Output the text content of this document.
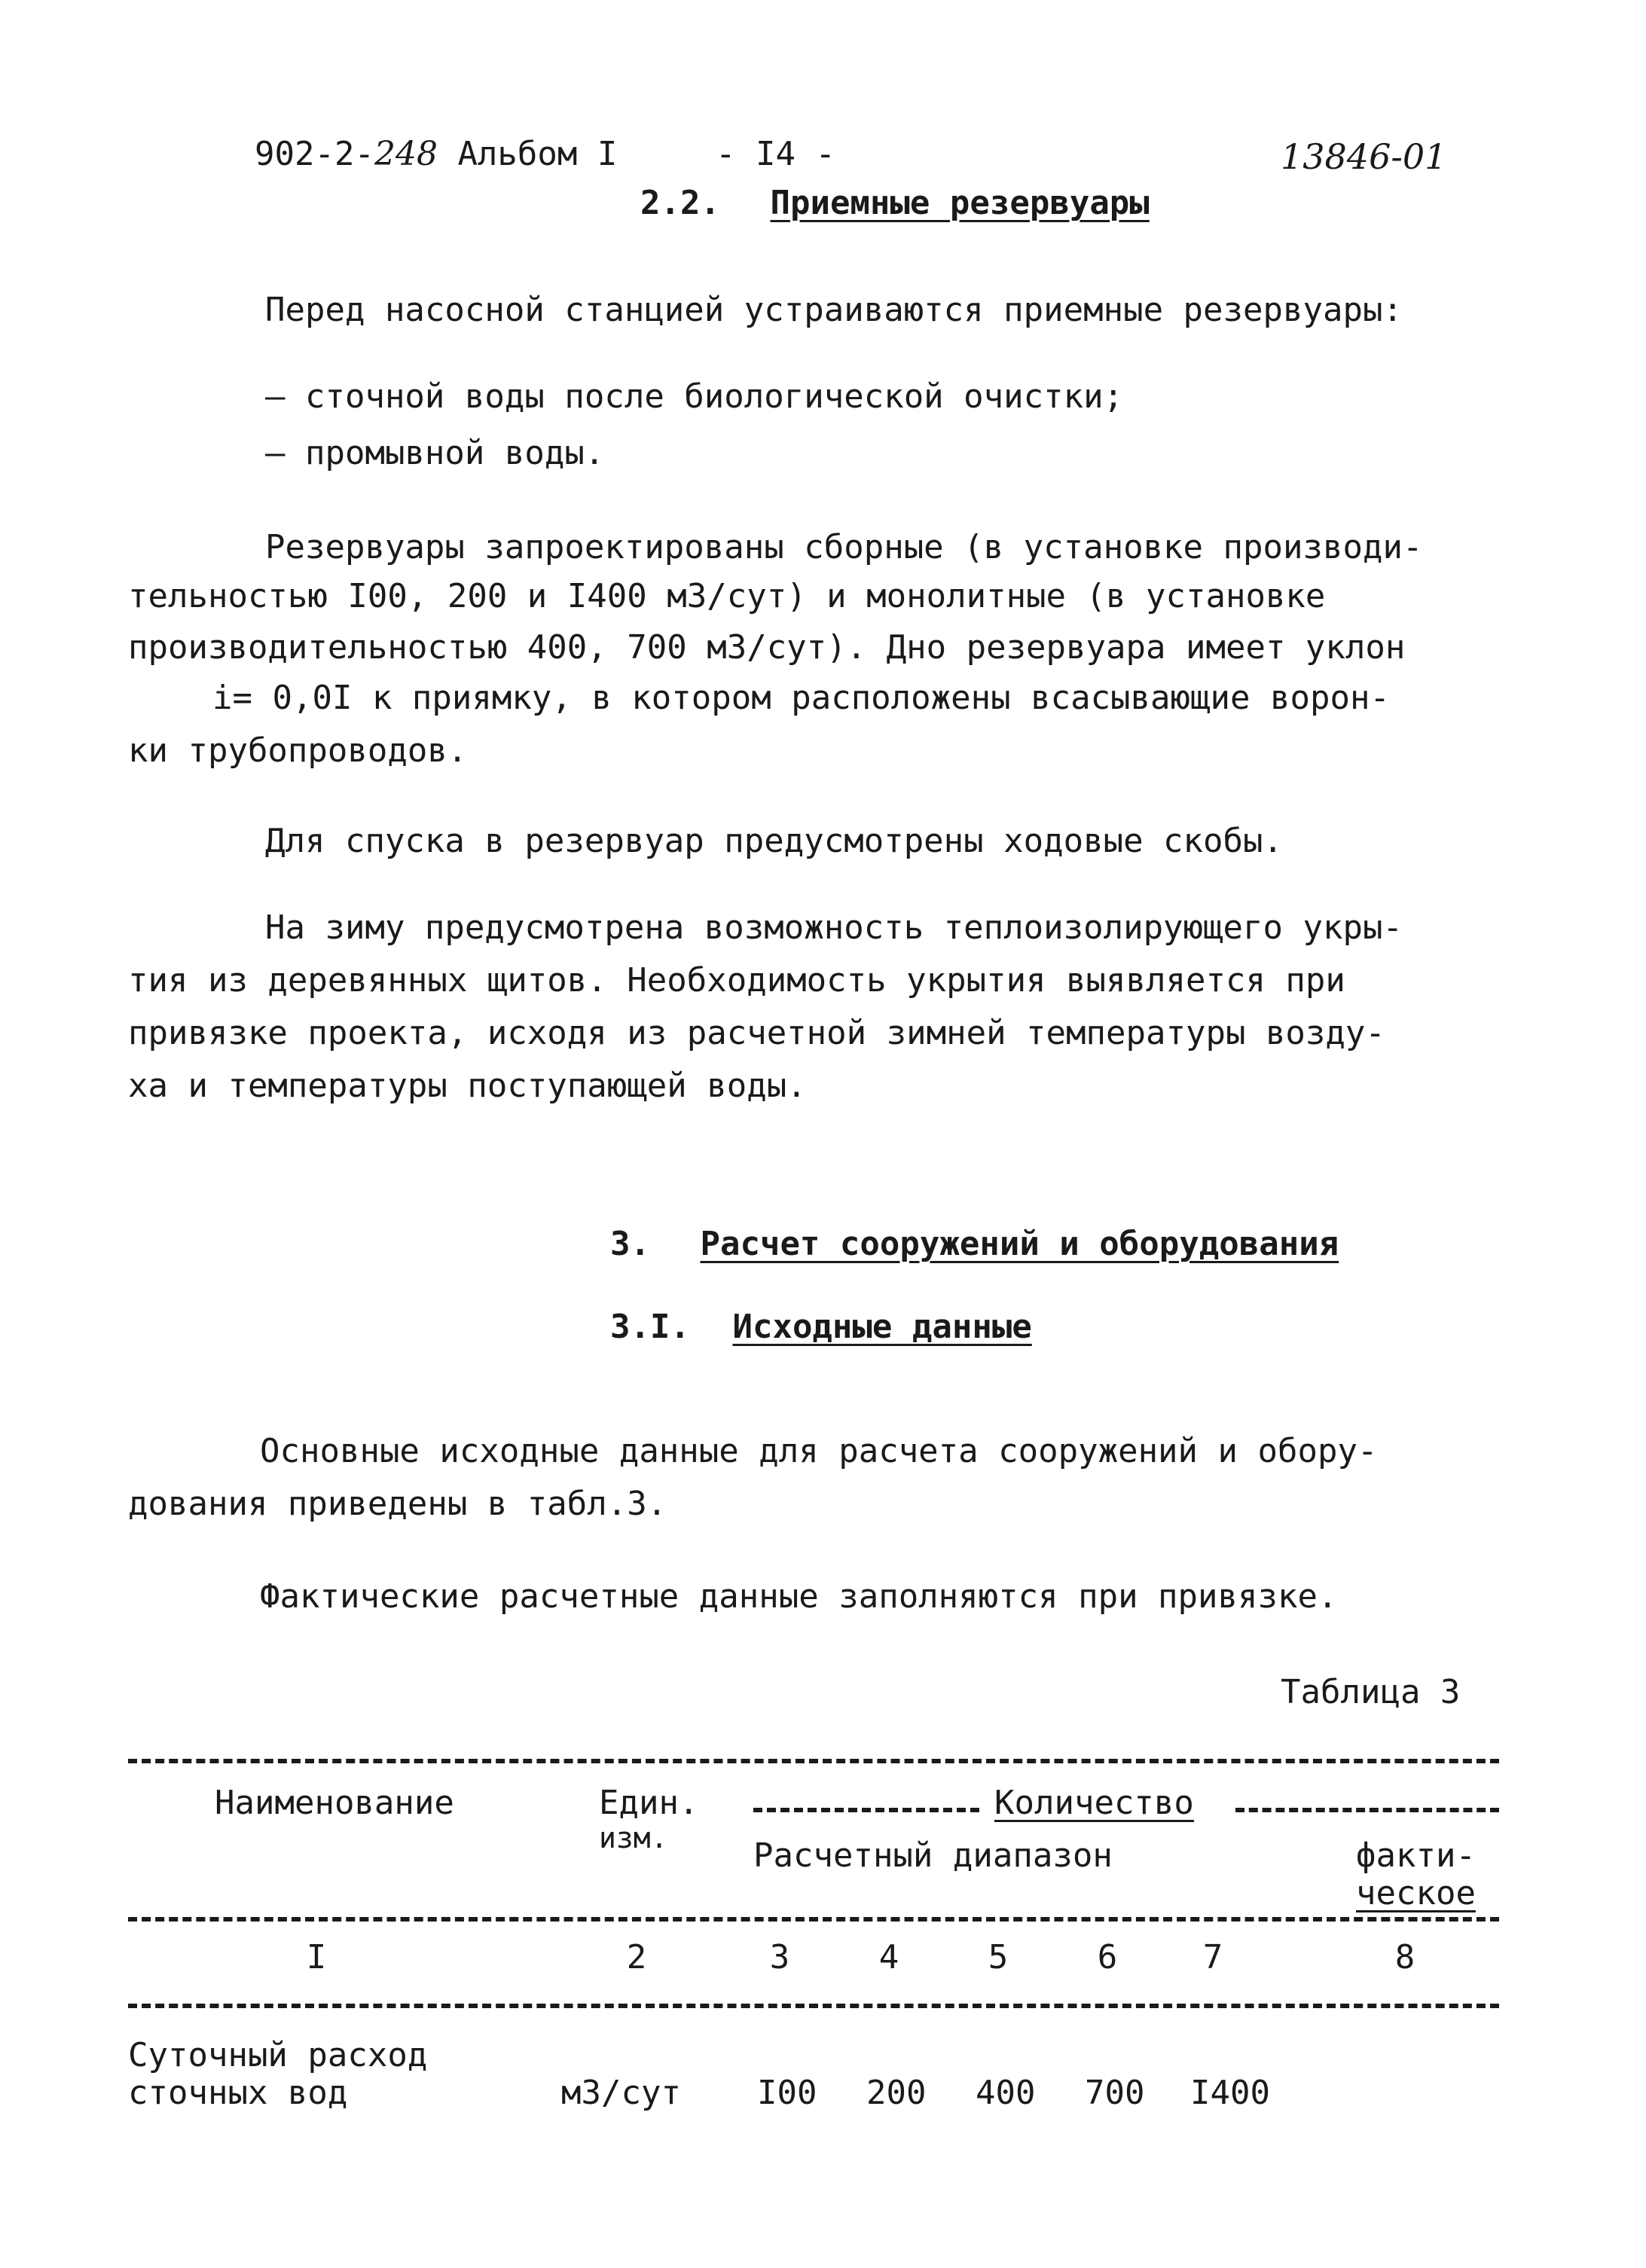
902-2-248 Альбом I	- I4 -	13846-01
2.2. Приемные резервуары
Перед насосной станцией устраиваются приемные резервуары:
– сточной воды после биологической очистки;
– промывной воды.
Резервуары запроектированы сборные (в установке производи-
тельностью I00, 200 и I400 м3/сут) и монолитные (в установке
производительностью 400, 700 м3/сут). Дно резервуара имеет уклон
i= 0,0I к приямку, в котором расположены всасывающие ворон-
ки трубопроводов.
Для спуска в резервуар предусмотрены ходовые скобы.
На зиму предусмотрена возможность теплоизолирующего укры-
тия из деревянных щитов. Необходимость укрытия выявляется при
привязке проекта, исходя из расчетной зимней температуры возду-
ха и температуры поступающей воды.
3. Расчет сооружений и оборудования
3.I. Исходные данные
Основные исходные данные для расчета сооружений и обору-
дования приведены в табл.3.
Фактические расчетные данные заполняются при привязке.
Таблица 3
Наименование	Един.
изм.
Количество
Расчетный диапазон	факти-
ческое
I	2	3	4	5	6	7	8
Суточный расход
сточных вод	м3/сут I00 200 400 700 I400
